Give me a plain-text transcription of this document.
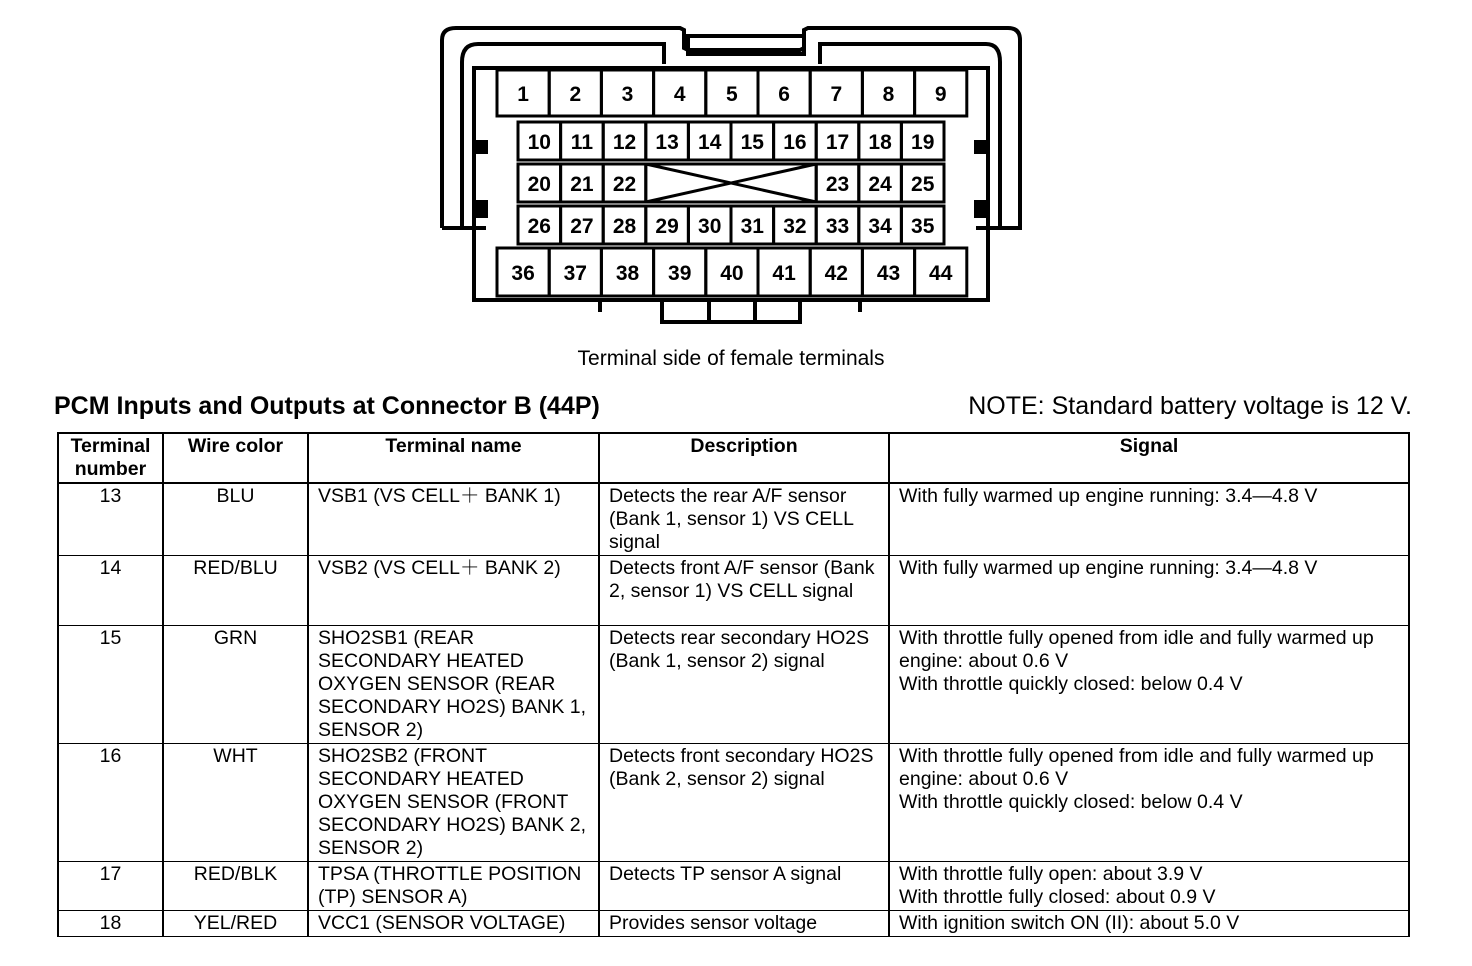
1 2 3 4 5 6 7 8 9
10 11 12 13 14 15 16 17 18 19
20 21 22	23 24 25
26 27 28 29 30 31 32 33 34 35
36 37 38 39 40 41 42 43 44
Terminal side of female terminals
PCM Inputs and Outputs at Connector B (44P)	NOTE: Standard battery voltage is 12 V.
Terminal number	Wire color	Terminal name	Description	Signal
13	BLU	VSB1 (VS CELL＋ BANK 1)	Detects the rear A/F sensor (Bank 1, sensor 1) VS CELL signal	With fully warmed up engine running: 3.4—4.8 V

14	RED/BLU	VSB2 (VS CELL＋ BANK 2)	Detects front A/F sensor (Bank 2, sensor 1) VS CELL signal	With fully warmed up engine running: 3.4—4.8 V

15	GRN	SHO2SB1 (REAR SECONDARY HEATED OXYGEN SENSOR (REAR SECONDARY HO2S) BANK 1, SENSOR 2)	Detects rear secondary HO2S (Bank 1, sensor 2) signal	With throttle fully opened from idle and fully warmed up engine: about 0.6 V
With throttle quickly closed: below 0.4 V

16	WHT	SHO2SB2 (FRONT SECONDARY HEATED OXYGEN SENSOR (FRONT SECONDARY HO2S) BANK 2, SENSOR 2)	Detects front secondary HO2S (Bank 2, sensor 2) signal	With throttle fully opened from idle and fully warmed up engine: about 0.6 V
With throttle quickly closed: below 0.4 V

17	RED/BLK	TPSA (THROTTLE POSITION (TP) SENSOR A)	Detects TP sensor A signal	With throttle fully open: about 3.9 V
With throttle fully closed: about 0.9 V

18	YEL/RED	VCC1 (SENSOR VOLTAGE)	Provides sensor voltage	With ignition switch ON (II): about 5.0 V
